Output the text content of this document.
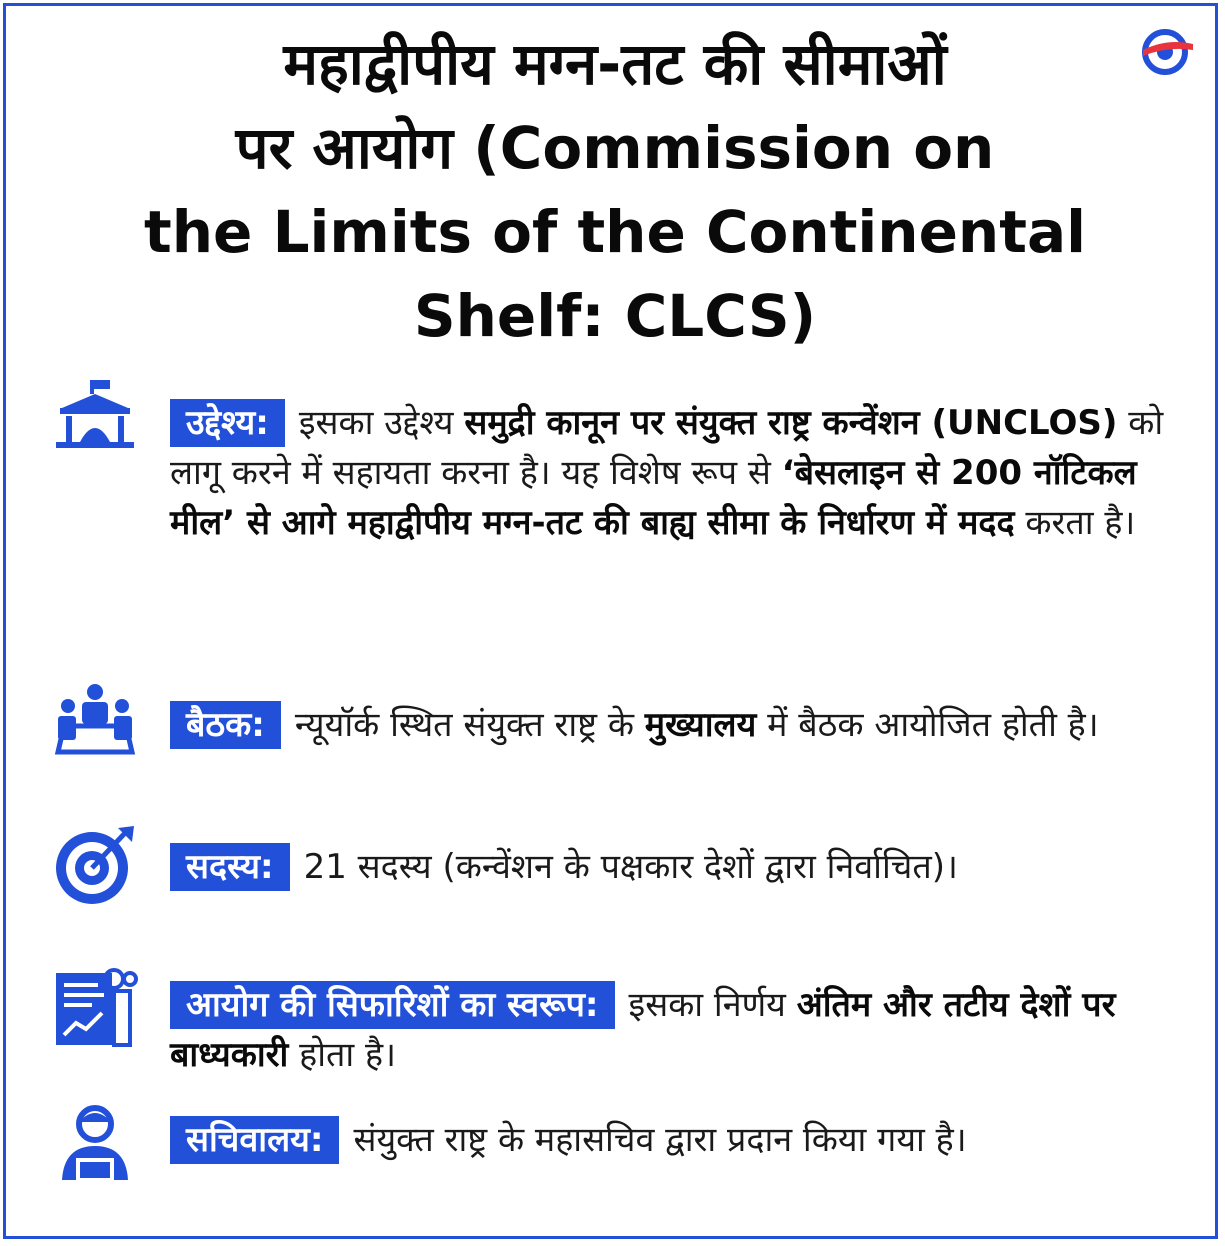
महाद्वीपीय मग्न-तट की सीमाओं
पर आयोग (Commission on
the Limits of the Continental
Shelf: CLCS)
उद्देश्य: इसका उद्देश्य समुद्री कानून पर संयुक्त राष्ट्र कन्वेंशन (UNCLOS) को लागू करने में सहायता करना है। यह विशेष रूप से ‘बेसलाइन से 200 नॉटिकल मील’ से आगे महाद्वीपीय मग्न-तट की बाह्य सीमा के निर्धारण में मदद करता है।
बैठक: न्यूयॉर्क स्थित संयुक्त राष्ट्र के मुख्यालय में बैठक आयोजित होती है।
सदस्य: 21 सदस्य (कन्वेंशन के पक्षकार देशों द्वारा निर्वाचित)।
आयोग की सिफारिशों का स्वरूप: इसका निर्णय अंतिम और तटीय देशों पर बाध्यकारी होता है।
सचिवालय: संयुक्त राष्ट्र के महासचिव द्वारा प्रदान किया गया है।
